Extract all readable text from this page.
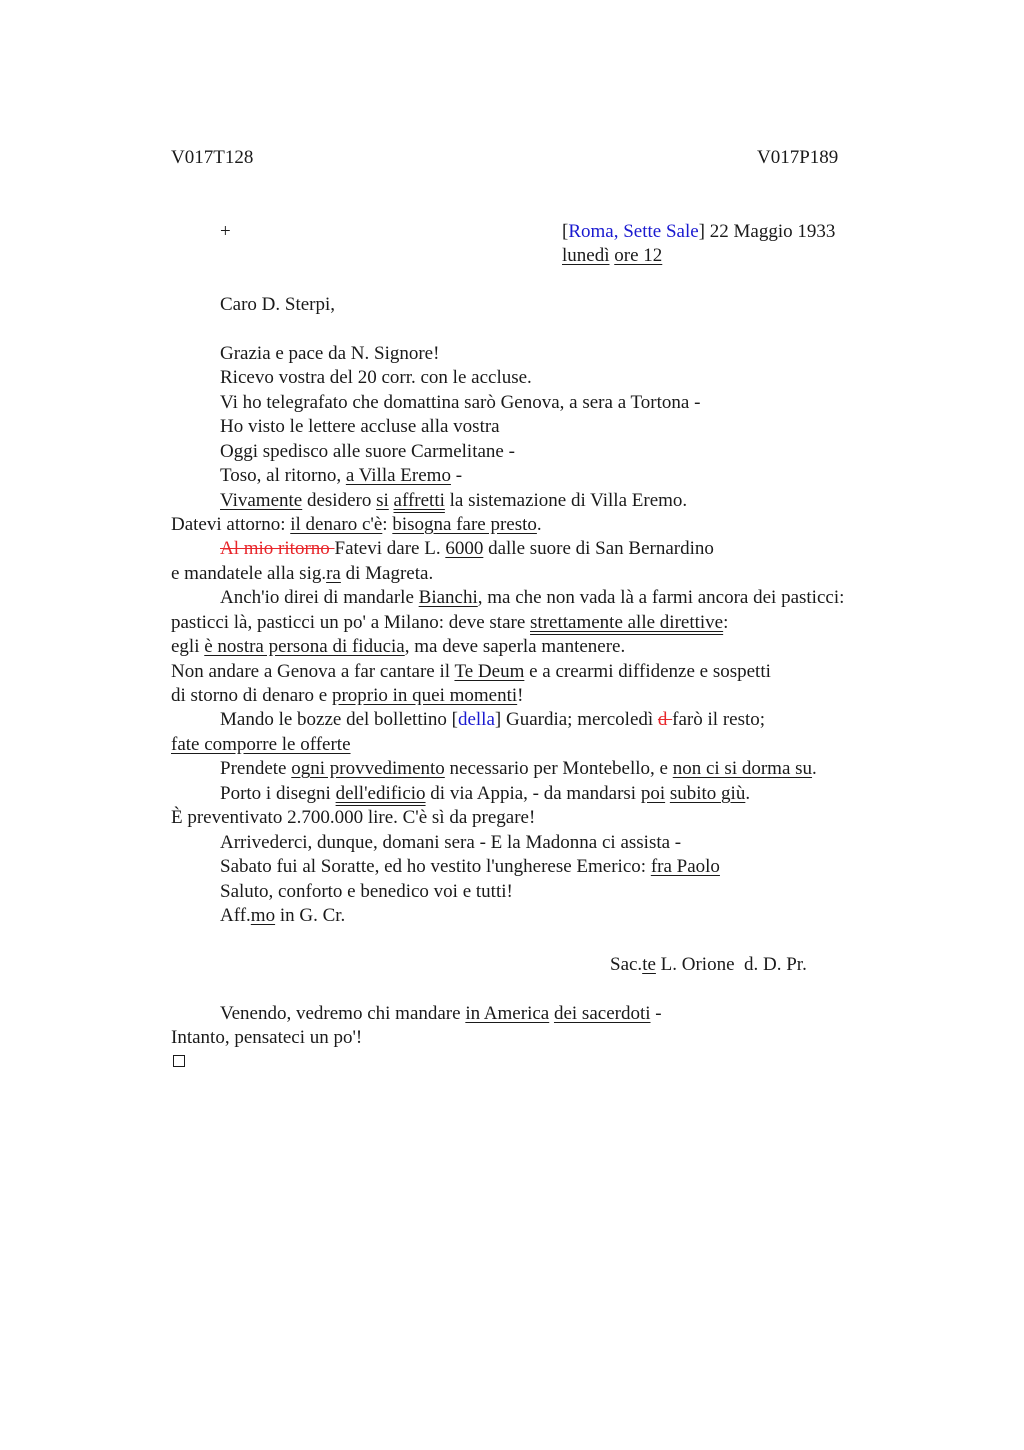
V017T128	V017P189
+	[Roma, Sette Sale] 22 Maggio 1933
lunedì ore 12
Caro D. Sterpi,
Grazia e pace da N. Signore!
Ricevo vostra del 20 corr. con le accluse.
Vi ho telegrafato che domattina sarò Genova, a sera a Tortona -
Ho visto le lettere accluse alla vostra
Oggi spedisco alle suore Carmelitane -
Toso, al ritorno, a Villa Eremo -
Vivamente desidero si affretti la sistemazione di Villa Eremo.
Datevi attorno: il denaro c'è: bisogna fare presto.
Al mio ritorno Fatevi dare L. 6000 dalle suore di San Bernardino
e mandatele alla sig.ra di Magreta.
Anch'io direi di mandarle Bianchi, ma che non vada là a farmi ancora dei pasticci:
pasticci là, pasticci un po' a Milano: deve stare strettamente alle direttive:
egli è nostra persona di fiducia, ma deve saperla mantenere.
Non andare a Genova a far cantare il Te Deum e a crearmi diffidenze e sospetti
di storno di denaro e proprio in quei momenti!
Mando le bozze del bollettino [della] Guardia; mercoledì d farò il resto;
fate comporre le offerte
Prendete ogni provvedimento necessario per Montebello, e non ci si dorma su.
Porto i disegni dell'edificio di via Appia, - da mandarsi poi subito giù.
È preventivato 2.700.000 lire. C'è sì da pregare!
Arrivederci, dunque, domani sera - E la Madonna ci assista -
Sabato fui al Soratte, ed ho vestito l'ungherese Emerico: fra Paolo
Saluto, conforto e benedico voi e tutti!
Aff.mo in G. Cr.
Sac.te L. Orione  d. D. Pr.
Venendo, vedremo chi mandare in America dei sacerdoti -
Intanto, pensateci un po'!
